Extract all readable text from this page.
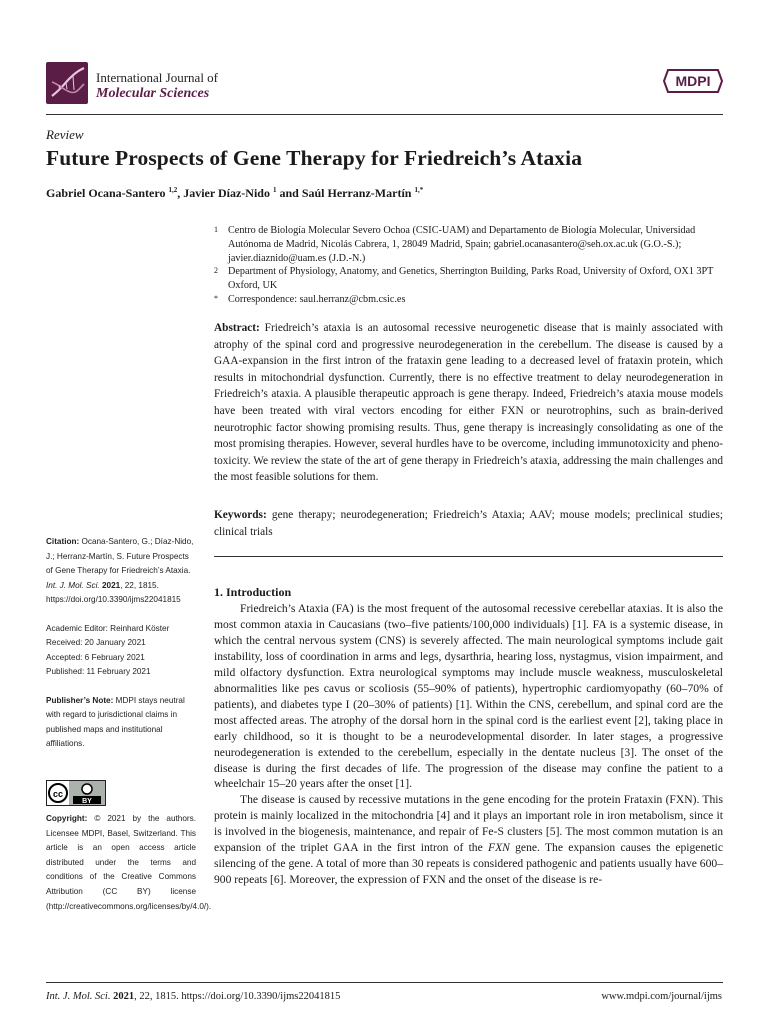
International Journal of
Molecular Sciences
MDPI
Review
Future Prospects of Gene Therapy for Friedreich’s Ataxia
Gabriel Ocana-Santero $^{1,2}$, Javier Díaz-Nido $^1$ and Saúl Herranz-Martín $^{1,*}$
1 Centro de Biología Molecular Severo Ochoa (CSIC-UAM) and Departamento de Biología Molecular, Universidad Autónoma de Madrid, Nicolás Cabrera, 1, 28049 Madrid, Spain; gabriel.ocanasantero@seh.ox.ac.uk (G.O.-S.); javier.diaznido@uam.es (J.D.-N.)
2 Department of Physiology, Anatomy, and Genetics, Sherrington Building, Parks Road, University of Oxford, OX1 3PT Oxford, UK
* Correspondence: saul.herranz@cbm.csic.es
Abstract: Friedreich’s ataxia is an autosomal recessive neurogenetic disease that is mainly associated with atrophy of the spinal cord and progressive neurodegeneration in the cerebellum. The disease is caused by a GAA-expansion in the first intron of the frataxin gene leading to a decreased level of frataxin protein, which results in mitochondrial dysfunction. Currently, there is no effective treatment to delay neurodegeneration in Friedreich’s ataxia. A plausible therapeutic approach is gene therapy. Indeed, Friedreich’s ataxia mouse models have been treated with viral vectors encoding for either FXN or neurotrophins, such as brain-derived neurotrophic factor showing promising results. Thus, gene therapy is increasingly consolidating as one of the most promising therapies. However, several hurdles have to be overcome, including immunotoxicity and pheno-toxicity. We review the state of the art of gene therapy in Friedreich’s ataxia, addressing the main challenges and the most feasible solutions for them.
Keywords: gene therapy; neurodegeneration; Friedreich’s Ataxia; AAV; mouse models; preclinical studies; clinical trials
1. Introduction

Friedreich’s Ataxia (FA) is the most frequent of the autosomal recessive cerebellar ataxias. It is also the most common ataxia in Caucasians (two–five patients/100,000 individuals) [1]. FA is a systemic disease, in which the central nervous system (CNS) is severely affected. The main neurological symptoms include gait instability, loss of coordination in arms and legs, dysarthria, hearing loss, nystagmus, vision impairment, and mild olfactory dysfunction. Extra neurological symptoms may include muscle weakness, musculoskeletal abnormalities like pes cavus or scoliosis (55–90% of patients), hypertrophic cardiomyopathy (60–70% of patients), and diabetes type I (20–30% of patients) [1]. Within the CNS, cerebellum, and spinal cord are the most affected areas. The atrophy of the dorsal horn in the spinal cord is the earliest event [2], taking place in early childhood, so it is thought to be a neurodevelopmental disorder. In later stages, a progressive neurodegeneration is extended to the cerebellum, especially in the dentate nucleus [3]. The onset of the disease is during the first decades of life. The progression of the disease may confine the patient to a wheelchair 15–20 years after the onset [1].

The disease is caused by recessive mutations in the gene encoding for the protein Frataxin (FXN). This protein is mainly localized in the mitochondria [4] and it plays an important role in iron metabolism, since it is involved in the biogenesis, maintenance, and repair of Fe-S clusters [5]. The most common mutation is an expansion of the triplet GAA in the first intron of the FXN gene. The expansion causes the epigenetic silencing of the gene. A total of more than 30 repeats is considered pathogenic and patients usually have 600–900 repeats [6]. Moreover, the expression of FXN and the onset of the disease is re-

Citation: Ocana-Santero, G.; Díaz-Nido, J.; Herranz-Martín, S. Future Prospects of Gene Therapy for Friedreich’s Ataxia. Int. J. Mol. Sci. 2021, 22, 1815. https://doi.org/10.3390/ijms22041815
Academic Editor: Reinhard Köster
Received: 20 January 2021
Accepted: 6 February 2021
Published: 11 February 2021
Publisher’s Note: MDPI stays neutral with regard to jurisdictional claims in published maps and institutional affiliations.
cc
BY
Copyright: © 2021 by the authors. Licensee MDPI, Basel, Switzerland. This article is an open access article distributed under the terms and conditions of the Creative Commons Attribution (CC BY) license (http://creativecommons.org/licenses/by/4.0/).
Int. J. Mol. Sci. 2021, 22, 1815. https://doi.org/10.3390/ijms22041815	www.mdpi.com/journal/ijms
